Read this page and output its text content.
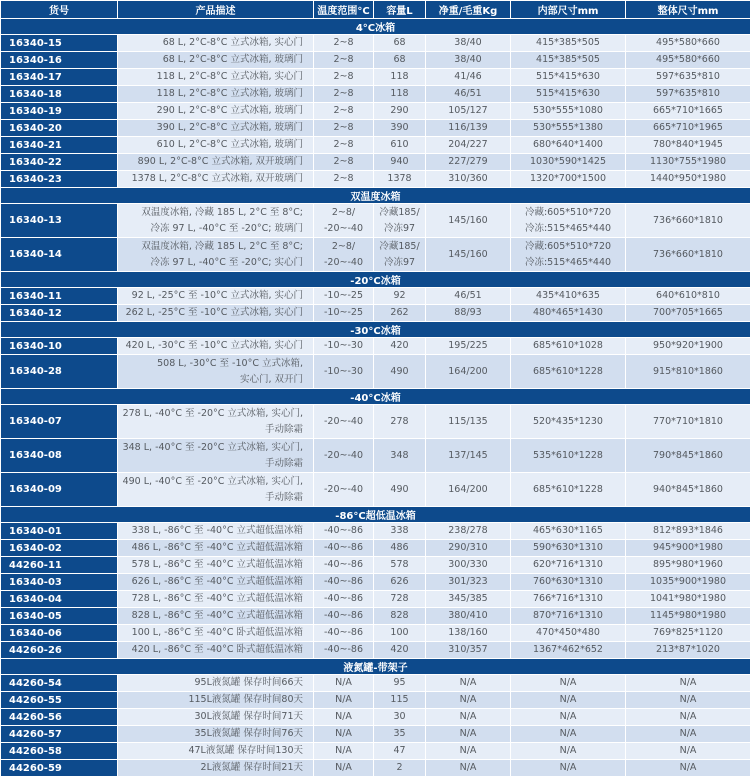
货号	产品描述	温度范围°C	容量L	净重/毛重Kg	内部尺寸mm	整体尺寸mm
4°C冰箱						
16340-15	68 L, 2°C-8°C 立式冰箱, 实心门	2~8	68	38/40	415*385*505	495*580*660

16340-16	68 L, 2°C-8°C 立式冰箱, 玻璃门	2~8	68	38/40	415*385*505	495*580*660

16340-17	118 L, 2°C-8°C 立式冰箱, 实心门	2~8	118	41/46	515*415*630	597*635*810

16340-18	118 L, 2°C-8°C 立式冰箱, 玻璃门	2~8	118	46/51	515*415*630	597*635*810

16340-19	290 L, 2°C-8°C 立式冰箱, 玻璃门	2~8	290	105/127	530*555*1080	665*710*1665

16340-20	390 L, 2°C-8°C 立式冰箱, 玻璃门	2~8	390	116/139	530*555*1380	665*710*1965

16340-21	610 L, 2°C-8°C 立式冰箱, 玻璃门	2~8	610	204/227	680*640*1400	780*840*1945

16340-22	890 L, 2°C-8°C 立式冰箱, 双开玻璃门	2~8	940	227/279	1030*590*1425	1130*755*1980

16340-23	1378 L, 2°C-8°C 立式冰箱, 双开玻璃门	2~8	1378	310/360	1320*700*1500	1440*950*1980

双温度冰箱						
16340-13	双温度冰箱, 冷藏 185 L, 2°C 至 8°C;
冷冻 97 L, -40°C 至 -20°C; 玻璃门	2~8/
-20~-40	冷藏185/
冷冻97	145/160	冷藏:605*510*720
冷冻:515*465*440	736*660*1810

16340-14	双温度冰箱, 冷藏 185 L, 2°C 至 8°C;
冷冻 97 L, -40°C 至 -20°C; 实心门	2~8/
-20~-40	冷藏185/
冷冻97	145/160	冷藏:605*510*720
冷冻:515*465*440	736*660*1810

-20°C冰箱						
16340-11	92 L, -25°C 至 -10°C 立式冰箱, 实心门	-10~-25	92	46/51	435*410*635	640*610*810

16340-12	262 L, -25°C 至 -10°C 立式冰箱, 实心门	-10~-25	262	88/93	480*465*1430	700*705*1665

-30°C冰箱						
16340-10	420 L, -30°C 至 -10°C 立式冰箱, 实心门	-10~-30	420	195/225	685*610*1028	950*920*1900

16340-28	508 L, -30°C 至 -10°C 立式冰箱,
实心门, 双开门	-10~-30	490	164/200	685*610*1228	915*810*1860

-40°C冰箱						
16340-07	278 L, -40°C 至 -20°C 立式冰箱, 实心门,
手动除霜	-20~-40	278	115/135	520*435*1230	770*710*1810

16340-08	348 L, -40°C 至 -20°C 立式冰箱, 实心门,
手动除霜	-20~-40	348	137/145	535*610*1228	790*845*1860

16340-09	490 L, -40°C 至 -20°C 立式冰箱, 实心门,
手动除霜	-20~-40	490	164/200	685*610*1228	940*845*1860

-86°C超低温冰箱						
16340-01	338 L, -86°C 至 -40°C 立式超低温冰箱	-40~-86	338	238/278	465*630*1165	812*893*1846

16340-02	486 L, -86°C 至 -40°C 立式超低温冰箱	-40~-86	486	290/310	590*630*1310	945*900*1980

44260-11	578 L, -86°C 至 -40°C 立式超低温冰箱	-40~-86	578	300/330	620*716*1310	895*980*1960

16340-03	626 L, -86°C 至 -40°C 立式超低温冰箱	-40~-86	626	301/323	760*630*1310	1035*900*1980

16340-04	728 L, -86°C 至 -40°C 立式超低温冰箱	-40~-86	728	345/385	766*716*1310	1041*980*1980

16340-05	828 L, -86°C 至 -40°C 立式超低温冰箱	-40~-86	828	380/410	870*716*1310	1145*980*1980

16340-06	100 L, -86°C 至 -40°C 卧式超低温冰箱	-40~-86	100	138/160	470*450*480	769*825*1120

44260-26	420 L, -86°C 至 -40°C 卧式超低温冰箱	-40~-86	420	310/357	1367*462*652	213*87*1020

液氮罐-带架子						
44260-54	95L液氮罐 保存时间66天	N/A	95	N/A	N/A	N/A

44260-55	115L液氮罐 保存时间80天	N/A	115	N/A	N/A	N/A

44260-56	30L液氮罐 保存时间71天	N/A	30	N/A	N/A	N/A

44260-57	35L液氮罐 保存时间76天	N/A	35	N/A	N/A	N/A

44260-58	47L液氮罐 保存时间130天	N/A	47	N/A	N/A	N/A

44260-59	2L液氮罐 保存时间21天	N/A	2	N/A	N/A	N/A
